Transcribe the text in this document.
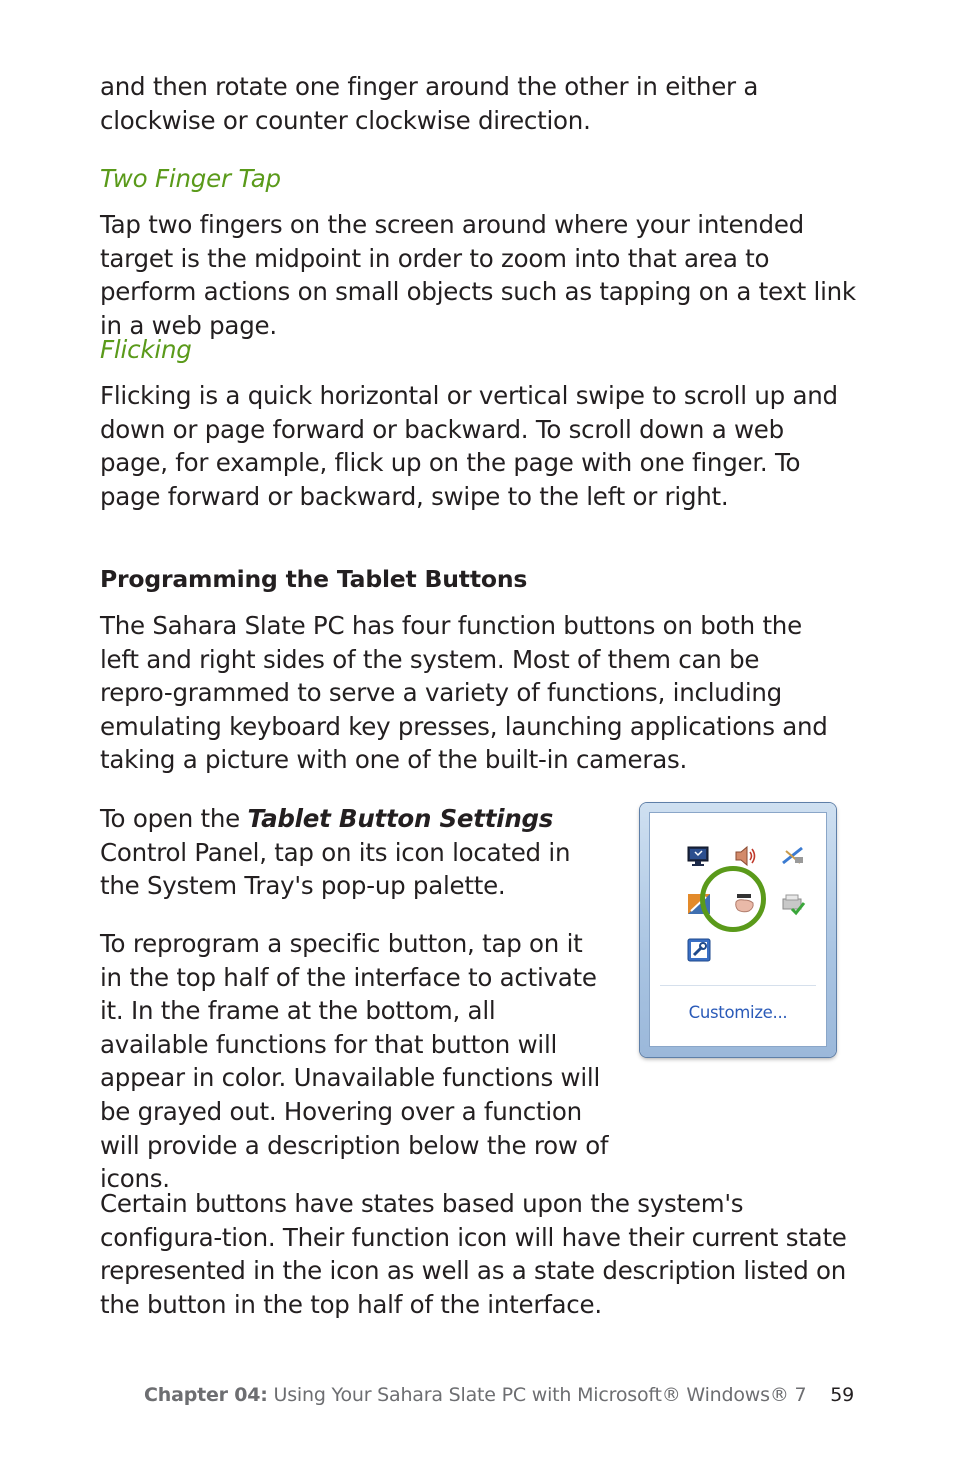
and then rotate one finger around the other in either a clockwise or counter clockwise direction.

Two Finger Tap

Tap two fingers on the screen around where your intended target is the midpoint in order to zoom into that area to perform actions on small objects such as tapping on a text link in a web page.

Flicking

Flicking is a quick horizontal or vertical swipe to scroll up and down or page forward or backward. To scroll down a web page, for example, flick up on the page with one finger. To page forward or backward, swipe to the left or right.

Programming the Tablet Buttons

The Sahara Slate PC has four function buttons on both the left and right sides of the system. Most of them can be repro-grammed to serve a variety of functions, including emulating keyboard key presses, launching applications and taking a picture with one of the built-in cameras.

To open the Tablet Button Settings Control Panel, tap on its icon located in the System Tray's pop-up palette.

To reprogram a specific button, tap on it in the top half of the interface to activate it. In the frame at the bottom, all available functions for that button will appear in color. Unavailable functions will be grayed out. Hovering over a function will provide a description below the row of icons.

Certain buttons have states based upon the system's configura-tion. Their function icon will have their current state represented in the icon as well as a state description listed on the button in the top half of the interface.

Customize...
Chapter 04: Using Your Sahara Slate PC with Microsoft® Windows® 7 59
